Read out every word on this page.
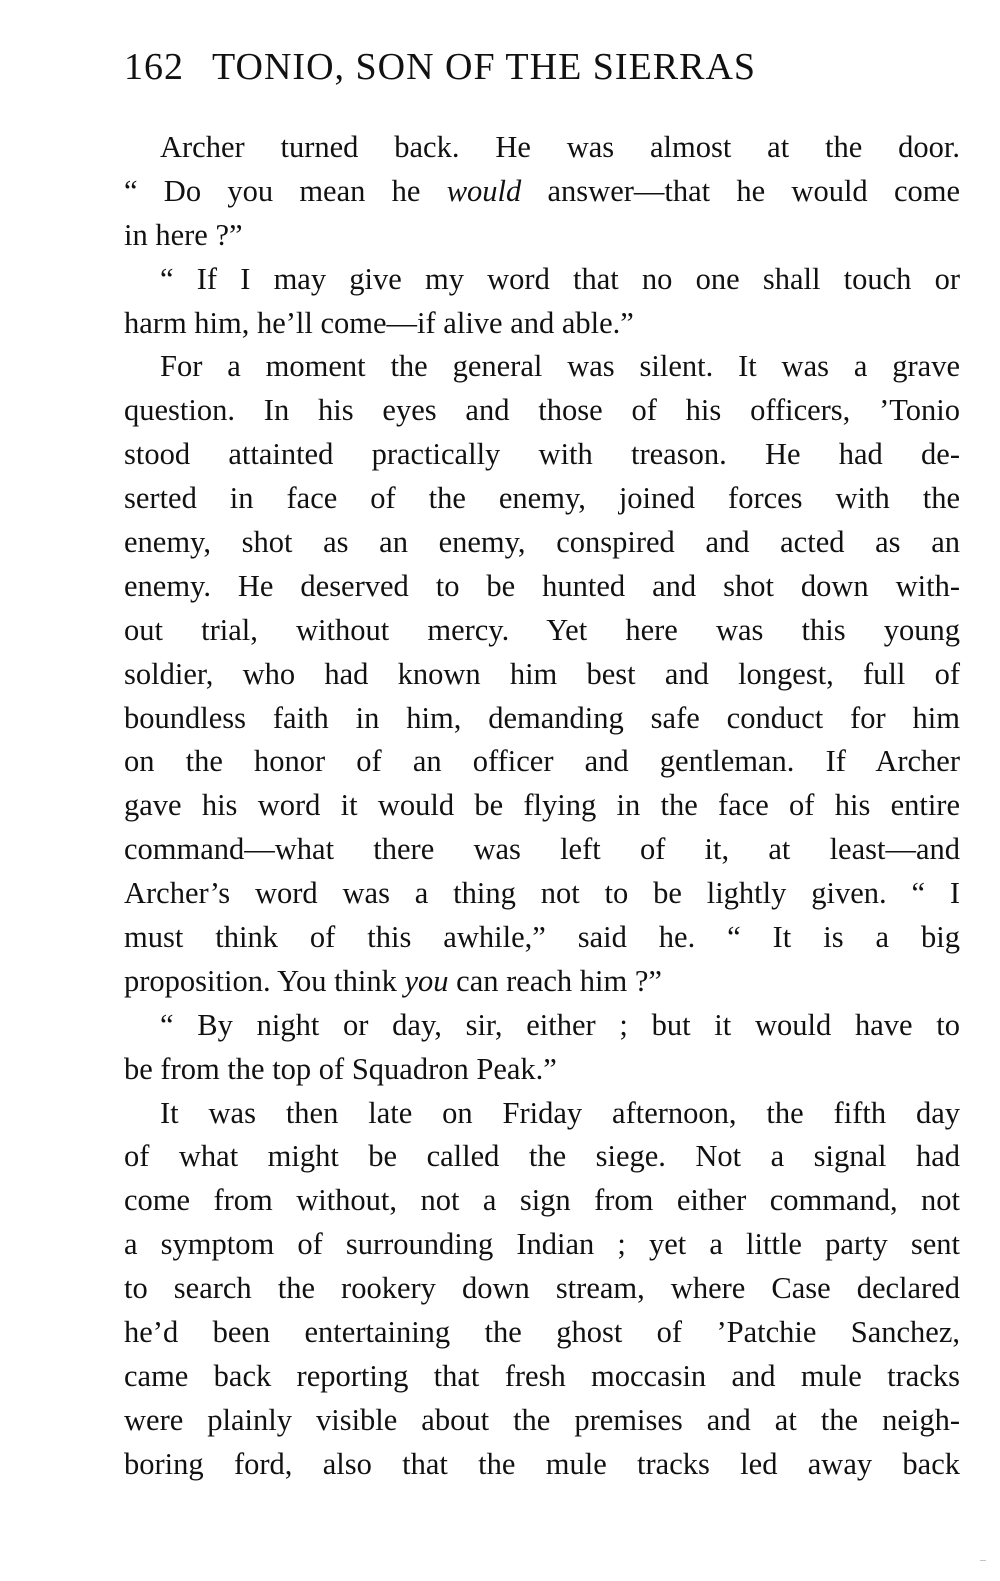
162 TONIO, SON OF THE SIERRAS
Archer turned back. He was almost at the door.
“ Do you mean he would answer—that he would come
in here ?”
“ If I may give my word that no one shall touch or
harm him, he’ll come—if alive and able.”
For a moment the general was silent. It was a grave
question. In his eyes and those of his officers, ’Tonio
stood attainted practically with treason. He had de-
serted in face of the enemy, joined forces with the
enemy, shot as an enemy, conspired and acted as an
enemy. He deserved to be hunted and shot down with-
out trial, without mercy. Yet here was this young
soldier, who had known him best and longest, full of
boundless faith in him, demanding safe conduct for him
on the honor of an officer and gentleman. If Archer
gave his word it would be flying in the face of his entire
command—what there was left of it, at least—and
Archer’s word was a thing not to be lightly given. “ I
must think of this awhile,” said he. “ It is a big
proposition. You think you can reach him ?”
“ By night or day, sir, either ; but it would have to
be from the top of Squadron Peak.”
It was then late on Friday afternoon, the fifth day
of what might be called the siege. Not a signal had
come from without, not a sign from either command, not
a symptom of surrounding Indian ; yet a little party sent
to search the rookery down stream, where Case declared
he’d been entertaining the ghost of ’Patchie Sanchez,
came back reporting that fresh moccasin and mule tracks
were plainly visible about the premises and at the neigh-
boring ford, also that the mule tracks led away back
...
